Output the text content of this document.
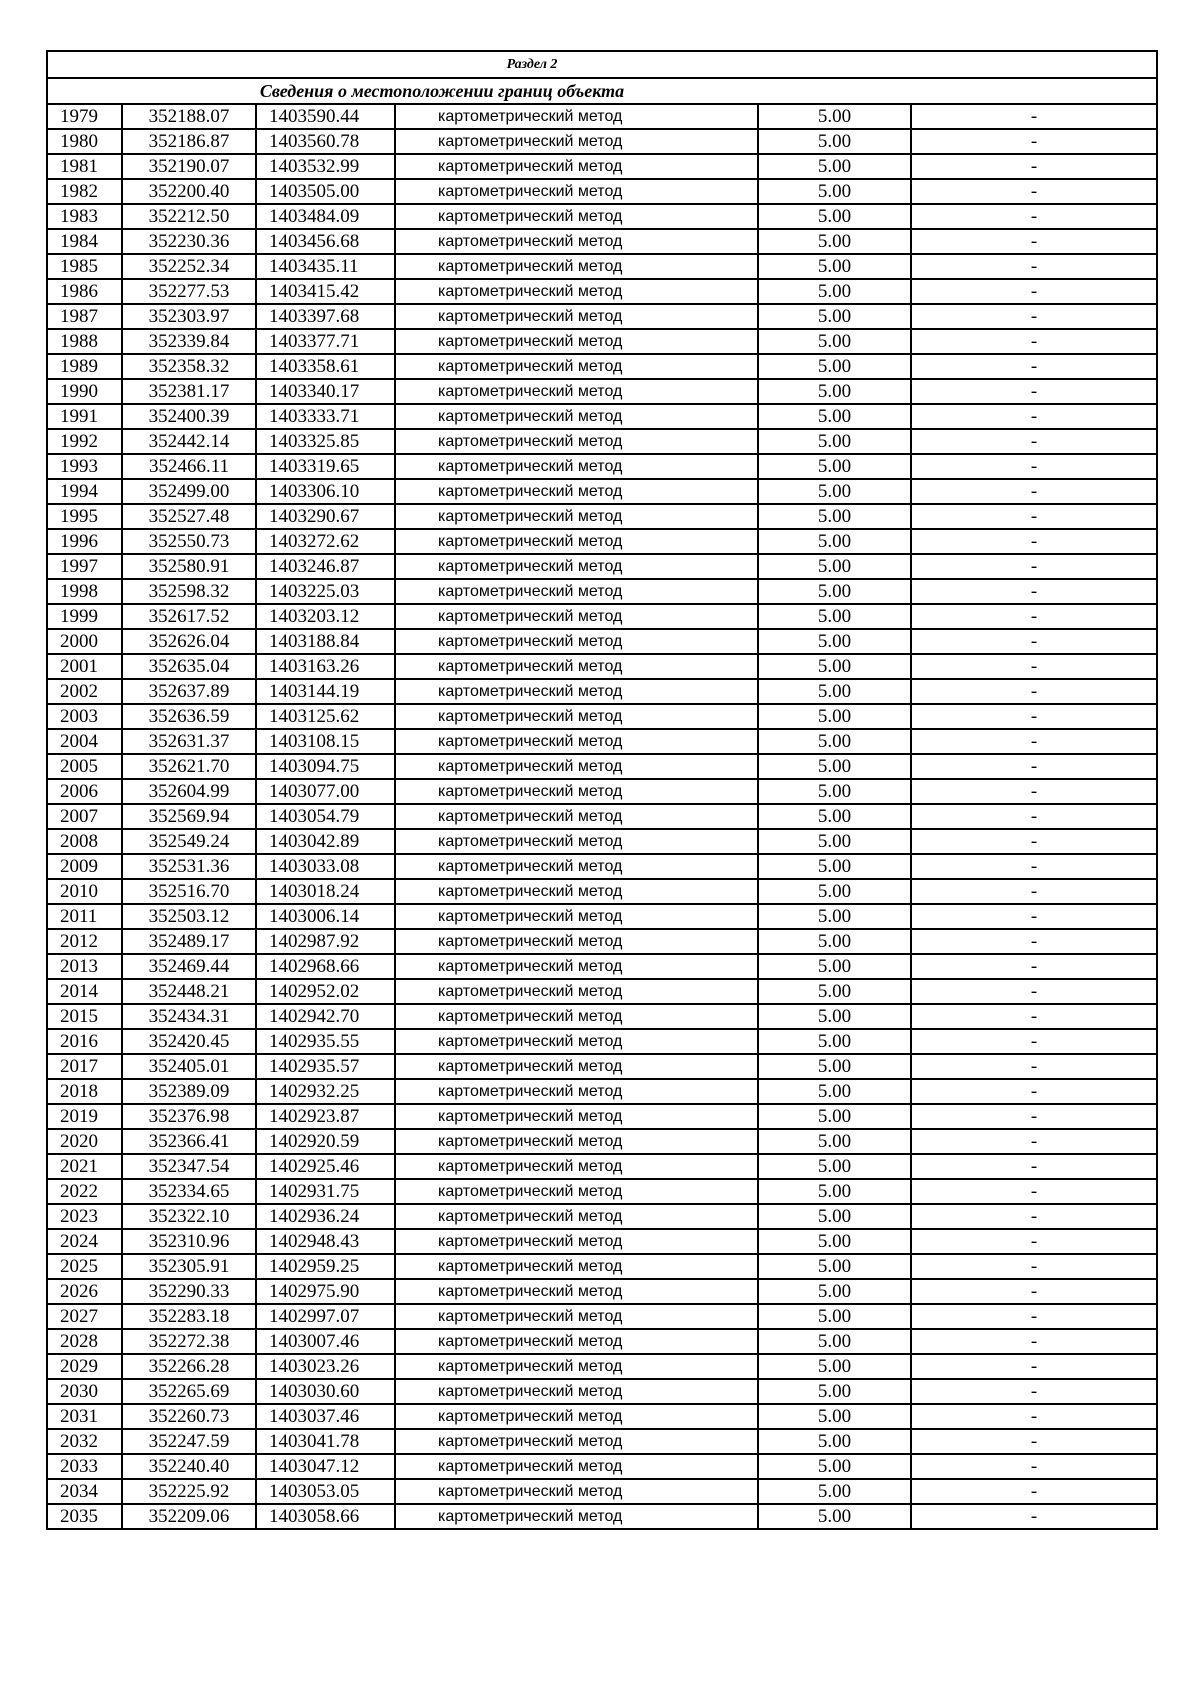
Раздел 2					
Сведения о местоположении границ объекта					
1979	352188.07	1403590.44	картометрический метод	5.00	-
1980	352186.87	1403560.78	картометрический метод	5.00	-
1981	352190.07	1403532.99	картометрический метод	5.00	-
1982	352200.40	1403505.00	картометрический метод	5.00	-
1983	352212.50	1403484.09	картометрический метод	5.00	-
1984	352230.36	1403456.68	картометрический метод	5.00	-
1985	352252.34	1403435.11	картометрический метод	5.00	-
1986	352277.53	1403415.42	картометрический метод	5.00	-
1987	352303.97	1403397.68	картометрический метод	5.00	-
1988	352339.84	1403377.71	картометрический метод	5.00	-
1989	352358.32	1403358.61	картометрический метод	5.00	-
1990	352381.17	1403340.17	картометрический метод	5.00	-
1991	352400.39	1403333.71	картометрический метод	5.00	-
1992	352442.14	1403325.85	картометрический метод	5.00	-
1993	352466.11	1403319.65	картометрический метод	5.00	-
1994	352499.00	1403306.10	картометрический метод	5.00	-
1995	352527.48	1403290.67	картометрический метод	5.00	-
1996	352550.73	1403272.62	картометрический метод	5.00	-
1997	352580.91	1403246.87	картометрический метод	5.00	-
1998	352598.32	1403225.03	картометрический метод	5.00	-
1999	352617.52	1403203.12	картометрический метод	5.00	-
2000	352626.04	1403188.84	картометрический метод	5.00	-
2001	352635.04	1403163.26	картометрический метод	5.00	-
2002	352637.89	1403144.19	картометрический метод	5.00	-
2003	352636.59	1403125.62	картометрический метод	5.00	-
2004	352631.37	1403108.15	картометрический метод	5.00	-
2005	352621.70	1403094.75	картометрический метод	5.00	-
2006	352604.99	1403077.00	картометрический метод	5.00	-
2007	352569.94	1403054.79	картометрический метод	5.00	-
2008	352549.24	1403042.89	картометрический метод	5.00	-
2009	352531.36	1403033.08	картометрический метод	5.00	-
2010	352516.70	1403018.24	картометрический метод	5.00	-
2011	352503.12	1403006.14	картометрический метод	5.00	-
2012	352489.17	1402987.92	картометрический метод	5.00	-
2013	352469.44	1402968.66	картометрический метод	5.00	-
2014	352448.21	1402952.02	картометрический метод	5.00	-
2015	352434.31	1402942.70	картометрический метод	5.00	-
2016	352420.45	1402935.55	картометрический метод	5.00	-
2017	352405.01	1402935.57	картометрический метод	5.00	-
2018	352389.09	1402932.25	картометрический метод	5.00	-
2019	352376.98	1402923.87	картометрический метод	5.00	-
2020	352366.41	1402920.59	картометрический метод	5.00	-
2021	352347.54	1402925.46	картометрический метод	5.00	-
2022	352334.65	1402931.75	картометрический метод	5.00	-
2023	352322.10	1402936.24	картометрический метод	5.00	-
2024	352310.96	1402948.43	картометрический метод	5.00	-
2025	352305.91	1402959.25	картометрический метод	5.00	-
2026	352290.33	1402975.90	картометрический метод	5.00	-
2027	352283.18	1402997.07	картометрический метод	5.00	-
2028	352272.38	1403007.46	картометрический метод	5.00	-
2029	352266.28	1403023.26	картометрический метод	5.00	-
2030	352265.69	1403030.60	картометрический метод	5.00	-
2031	352260.73	1403037.46	картометрический метод	5.00	-
2032	352247.59	1403041.78	картометрический метод	5.00	-
2033	352240.40	1403047.12	картометрический метод	5.00	-
2034	352225.92	1403053.05	картометрический метод	5.00	-
2035	352209.06	1403058.66	картометрический метод	5.00	-
